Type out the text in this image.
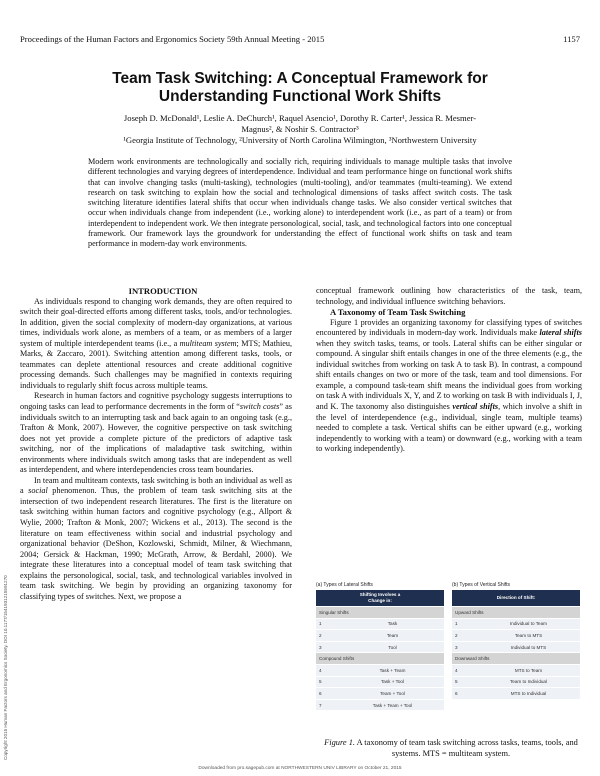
Proceedings of the Human Factors and Ergonomics Society 59th Annual Meeting - 2015	1157
Team Task Switching: A Conceptual Framework for
Understanding Functional Work Shifts
Joseph D. McDonald¹, Leslie A. DeChurch¹, Raquel Asencio¹, Dorothy R. Carter¹, Jessica R. Mesmer-
Magnus², & Noshir S. Contractor³
¹Georgia Institute of Technology, ²University of North Carolina Wilmington, ³Northwestern University
Modern work environments are technologically and socially rich, requiring individuals to manage multiple tasks that involve different technologies and varying degrees of interdependence. Individual and team performance hinge on functional work shifts that can involve changing tasks (multi-tasking), technologies (multi-tooling), and/or teammates (multi-teaming). We extend research on task switching to explain how the social and technological dimensions of tasks affect switch costs. The task switching literature identifies lateral shifts that occur when individuals change tasks. We also consider vertical switches that occur when individuals change from independent (i.e., working alone) to interdependent work (i.e., as part of a team) or from interdependent to independent work. We then integrate personological, social, task, and technological factors into one conceptual framework. Our framework lays the groundwork for understanding the effect of functional work shifts on task and team performance in modern-day work environments.

INTRODUCTION

As individuals respond to changing work demands, they are often required to switch their goal-directed efforts among different tasks, tools, and/or technologies. In addition, given the social complexity of modern-day organizations, at various times, individuals work alone, as members of a team, or as members of a larger system of multiple interdependent teams (i.e., a multiteam system; MTS; Mathieu, Marks, & Zaccaro, 2001). Switching attention among different tasks, tools, or teammates can deplete attentional resources and create additional cognitive processing demands. Such challenges may be magnified in contexts requiring individuals to regularly shift focus across multiple teams.

Research in human factors and cognitive psychology suggests interruptions to ongoing tasks can lead to performance decrements in the form of “switch costs” as individuals switch to an interrupting task and back again to an ongoing task (e.g., Trafton & Monk, 2007). However, the cognitive perspective on task switching does not yet provide a complete picture of the predictors of adaptive task switching, nor of the implications of maladaptive task switching, within environments where individuals switch among tasks that are independent as well as interdependent, and where interdependencies cross team boundaries.

In team and multiteam contexts, task switching is both an individual as well as a social phenomenon. Thus, the problem of team task switching sits at the intersection of two independent research literatures. The first is the literature on task switching within human factors and cognitive psychology (e.g., Allport & Wylie, 2000; Trafton & Monk, 2007; Wickens et al., 2013). The second is the literature on team effectiveness within social and industrial psychology and organizational behavior (DeShon, Kozlowski, Schmidt, Milner, & Wiechmann, 2004; Gersick & Hackman, 1990; McGrath, Arrow, & Berdahl, 2000). We integrate these literatures into a conceptual model of team task switching that explains the personological, social, task, and technological variables involved in team task switching. We begin by providing an organizing taxonomy for classifying types of switches. Next, we propose a

conceptual framework outlining how characteristics of the task, team, technology, and individual influence switching behaviors.

A Taxonomy of Team Task Switching

Figure 1 provides an organizing taxonomy for classifying types of switches encountered by individuals in modern-day work. Individuals make lateral shifts when they switch tasks, teams, or tools. Lateral shifts can be either singular or compound. A singular shift entails changes in one of the three elements (e.g., the individual switches from working on task A to task B). In contrast, a compound shift entails changes on two or more of the task, team and tool dimensions. For example, a compound task-team shift means the individual goes from working on task A with individuals X, Y, and Z to working on task B with individuals I, J, and K. The taxonomy also distinguishes vertical shifts, which involve a shift in the level of interdependence (e.g., individual, single team, multiple teams) needed to complete a task. Vertical shifts can be either upward (e.g., working independently to working with a team) or downward (e.g., working with a team to working independently).

(a) Types of Lateral Shifts
Shifting Involves a
Change in:
Singular Shifts
1	Task
2	Team
3	Tool
Compound Shifts
4	Task + Team
5	Task + Tool
6	Team + Tool
7	Task + Team + Tool
(b) Types of Vertical Shifts
Direction of Shift:
Upward Shifts
1	Individual to Team
2	Team to MTS
3	Individual to MTS
Downward Shifts
4	MTS to Team
5	Team to Individual
6	MTS to Individual
Figure 1. A taxonomy of team task switching across tasks, teams, tools, and systems. MTS = multiteam system.
Downloaded from pro.sagepub.com at NORTHWESTERN UNIV LIBRARY on October 21, 2015
Copyright 2015 Human Factors and Ergonomics Society. DOI 10.1177/1541931215591270
